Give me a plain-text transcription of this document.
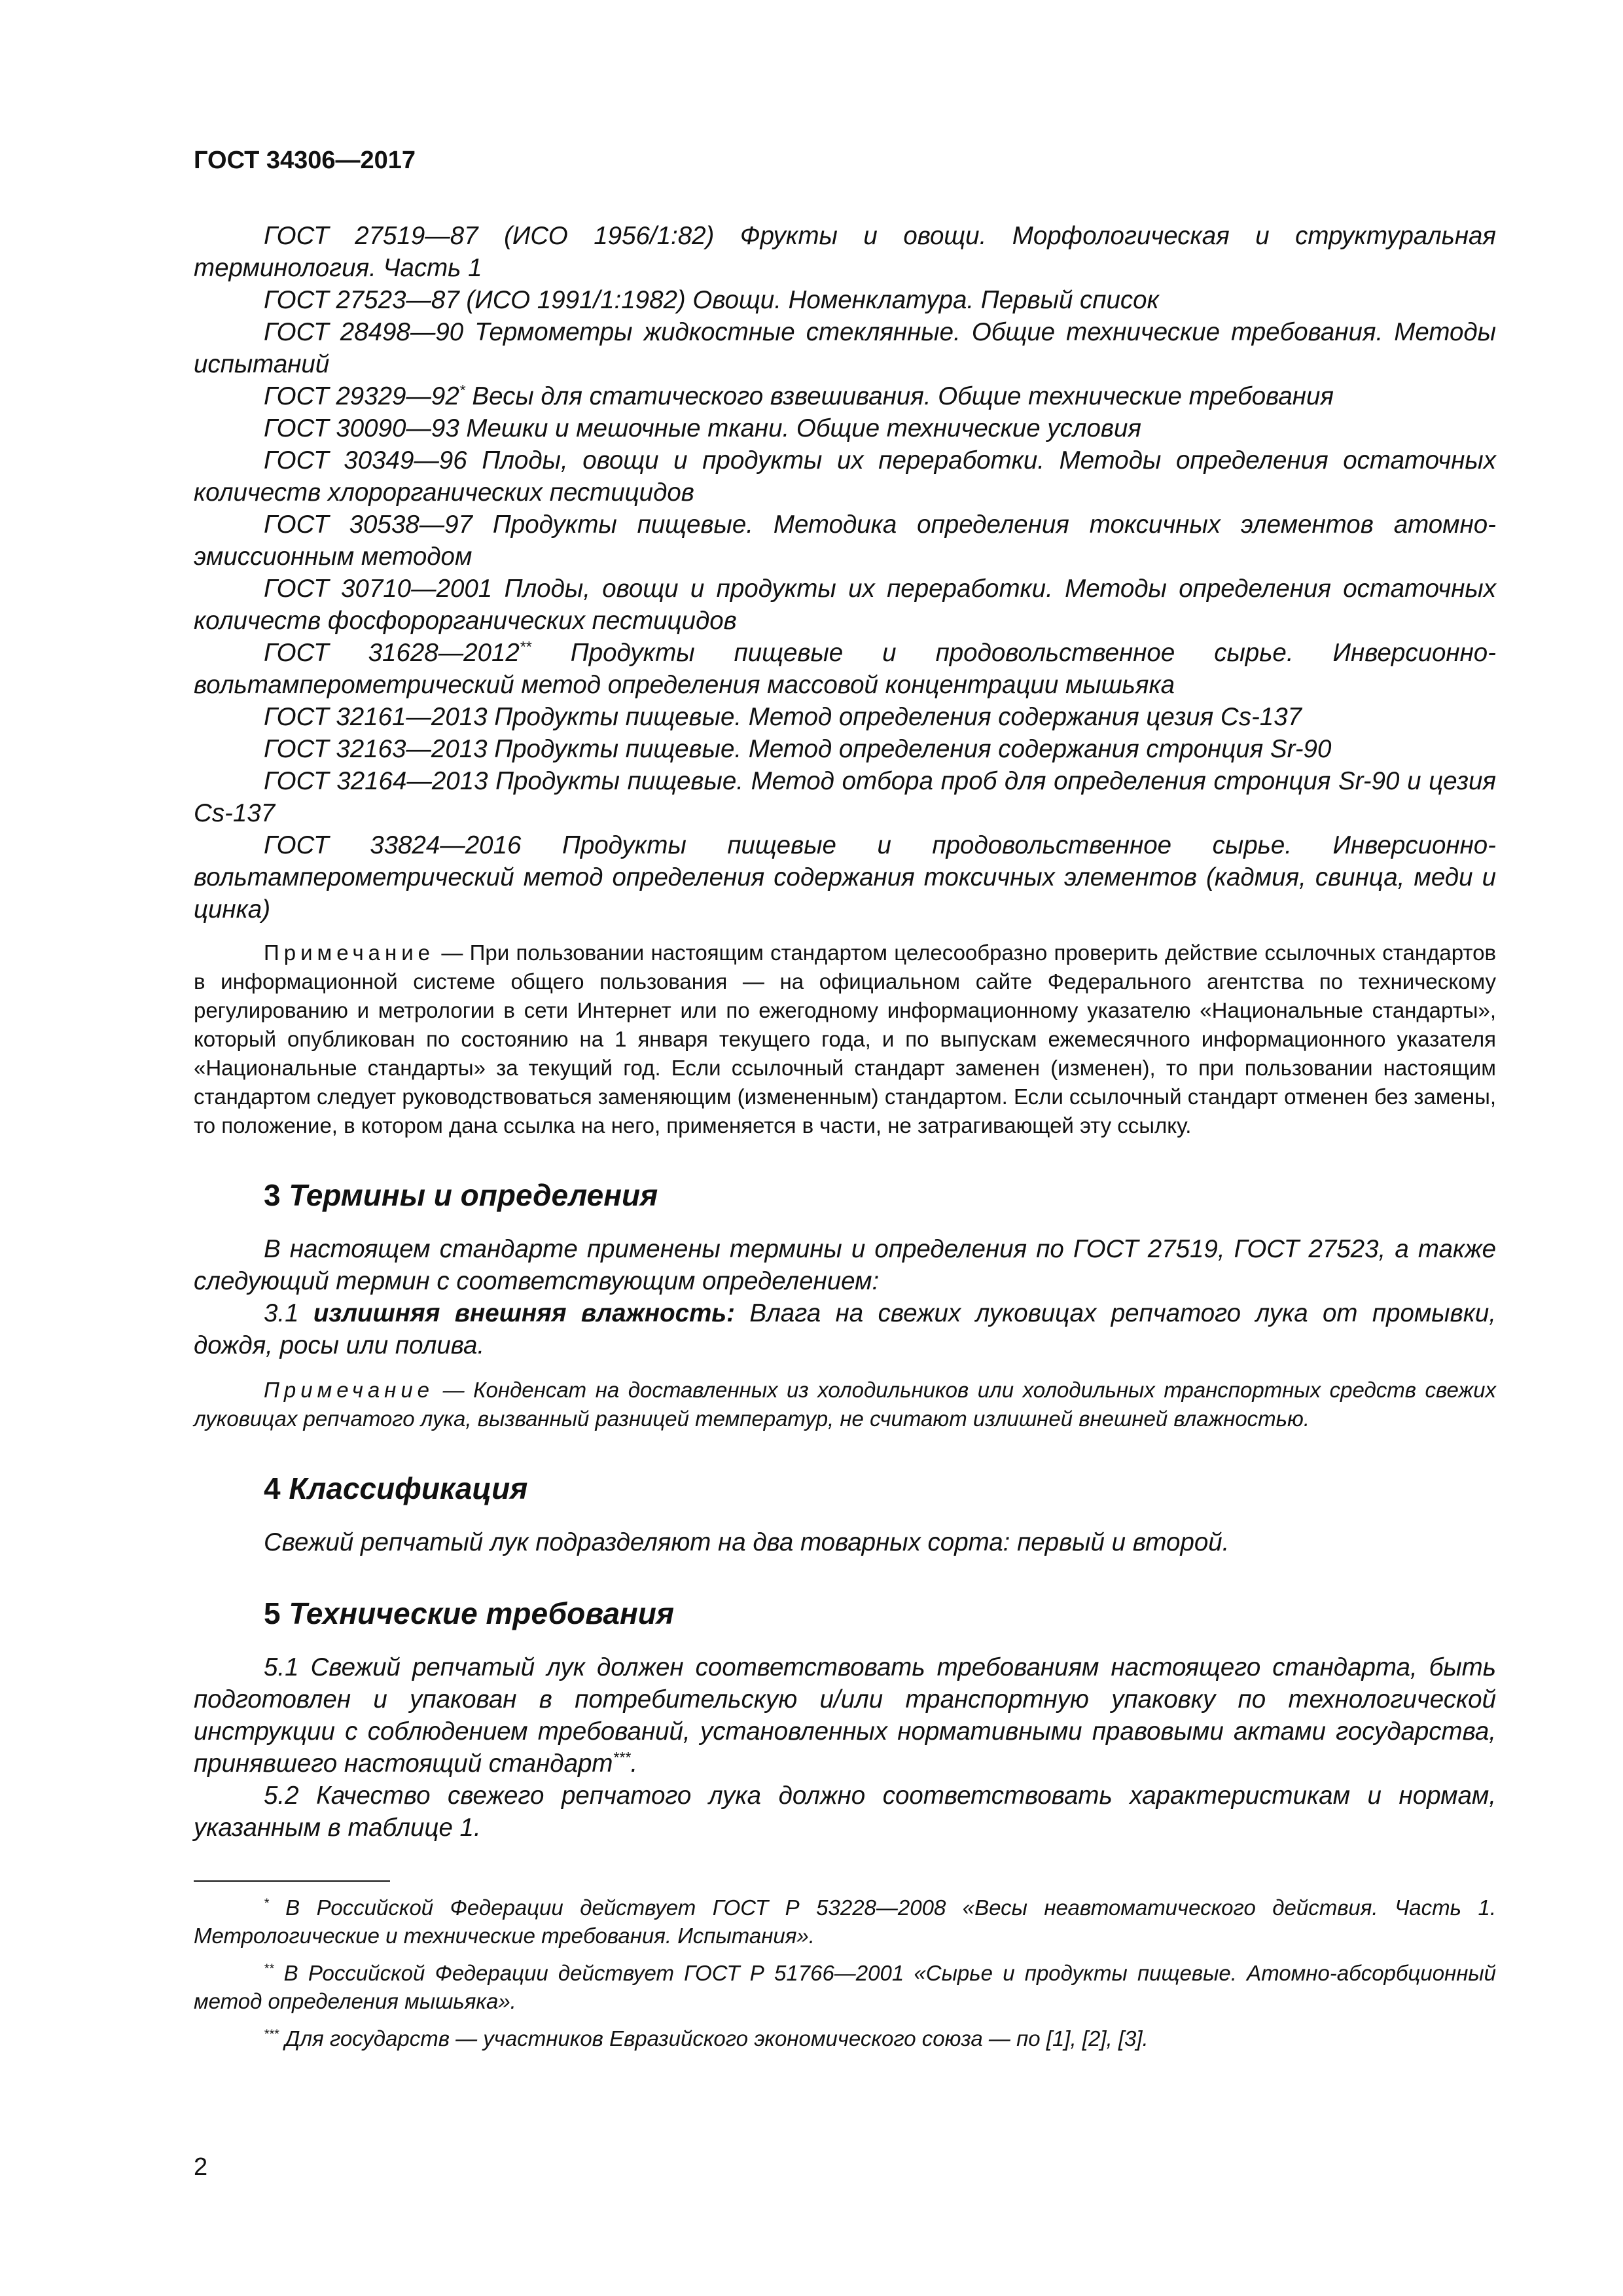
ГОСТ 34306—2017

ГОСТ 27519—87 (ИСО 1956/1:82) Фрукты и овощи. Морфологическая и структуральная терминология. Часть 1

ГОСТ 27523—87 (ИСО 1991/1:1982) Овощи. Номенклатура. Первый список

ГОСТ 28498—90 Термометры жидкостные стеклянные. Общие технические требования. Методы испытаний

ГОСТ 29329—92* Весы для статического взвешивания. Общие технические требования

ГОСТ 30090—93 Мешки и мешочные ткани. Общие технические условия

ГОСТ 30349—96 Плоды, овощи и продукты их переработки. Методы определения остаточных количеств хлорорганических пестицидов

ГОСТ 30538—97 Продукты пищевые. Методика определения токсичных элементов атомно-эмиссионным методом

ГОСТ 30710—2001 Плоды, овощи и продукты их переработки. Методы определения остаточных количеств фосфорорганических пестицидов

ГОСТ 31628—2012** Продукты пищевые и продовольственное сырье. Инверсионно-вольтамперометрический метод определения массовой концентрации мышьяка

ГОСТ 32161—2013 Продукты пищевые. Метод определения содержания цезия Cs-137

ГОСТ 32163—2013 Продукты пищевые. Метод определения содержания стронция Sr-90

ГОСТ 32164—2013 Продукты пищевые. Метод отбора проб для определения стронция Sr-90 и цезия Cs-137

ГОСТ 33824—2016 Продукты пищевые и продовольственное сырье. Инверсионно-вольтамперометрический метод определения содержания токсичных элементов (кадмия, свинца, меди и цинка)

Примечание — При пользовании настоящим стандартом целесообразно проверить действие ссылочных стандартов в информационной системе общего пользования — на официальном сайте Федерального агентства по техническому регулированию и метрологии в сети Интернет или по ежегодному информационному указателю «Национальные стандарты», который опубликован по состоянию на 1 января текущего года, и по выпускам ежемесячного информационного указателя «Национальные стандарты» за текущий год. Если ссылочный стандарт заменен (изменен), то при пользовании настоящим стандартом следует руководствоваться заменяющим (измененным) стандартом. Если ссылочный стандарт отменен без замены, то положение, в котором дана ссылка на него, применяется в части, не затрагивающей эту ссылку.

3 Термины и определения

В настоящем стандарте применены термины и определения по ГОСТ 27519, ГОСТ 27523, а также следующий термин с соответствующим определением:

3.1 излишняя внешняя влажность: Влага на свежих луковицах репчатого лука от промывки, дождя, росы или полива.

Примечание — Конденсат на доставленных из холодильников или холодильных транспортных средств свежих луковицах репчатого лука, вызванный разницей температур, не считают излишней внешней влажностью.

4 Классификация

Свежий репчатый лук подразделяют на два товарных сорта: первый и второй.

5 Технические требования

5.1 Свежий репчатый лук должен соответствовать требованиям настоящего стандарта, быть подготовлен и упакован в потребительскую и/или транспортную упаковку по технологической инструкции с соблюдением требований, установленных нормативными правовыми актами государства, принявшего настоящий стандарт***.

5.2 Качество свежего репчатого лука должно соответствовать характеристикам и нормам, указанным в таблице 1.

* В Российской Федерации действует ГОСТ Р 53228—2008 «Весы неавтоматического действия. Часть 1. Метрологические и технические требования. Испытания».

** В Российской Федерации действует ГОСТ Р 51766—2001 «Сырье и продукты пищевые. Атомно-абсорбционный метод определения мышьяка».

*** Для государств — участников Евразийского экономического союза — по [1], [2], [3].

2
